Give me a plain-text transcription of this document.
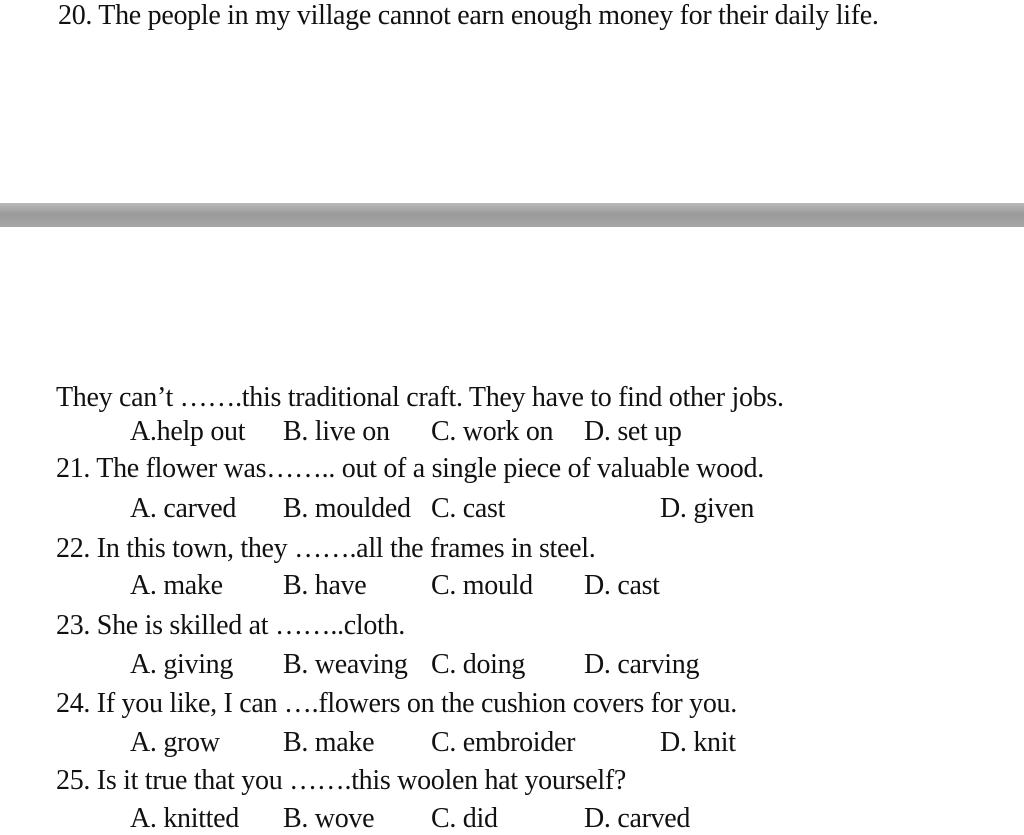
20. The people in my village cannot earn enough money for their daily life.
They can’t …….this traditional craft. They have to find other jobs.
A.help out B. live on C. work on D. set up
21. The flower was…….. out of a single piece of valuable wood.
A. carved B. moulded C. cast	D. given
22. In this town, they …….all the frames in steel.
A. make B. have C. mould D. cast
23. She is skilled at ……..cloth.
A. giving B. weaving C. doing D. carving
24. If you like, I can ….flowers on the cushion covers for you.
A. grow B. make C. embroider	D. knit
25. Is it true that you …….this woolen hat yourself?
A. knitted B. wove C. did	D. carved
